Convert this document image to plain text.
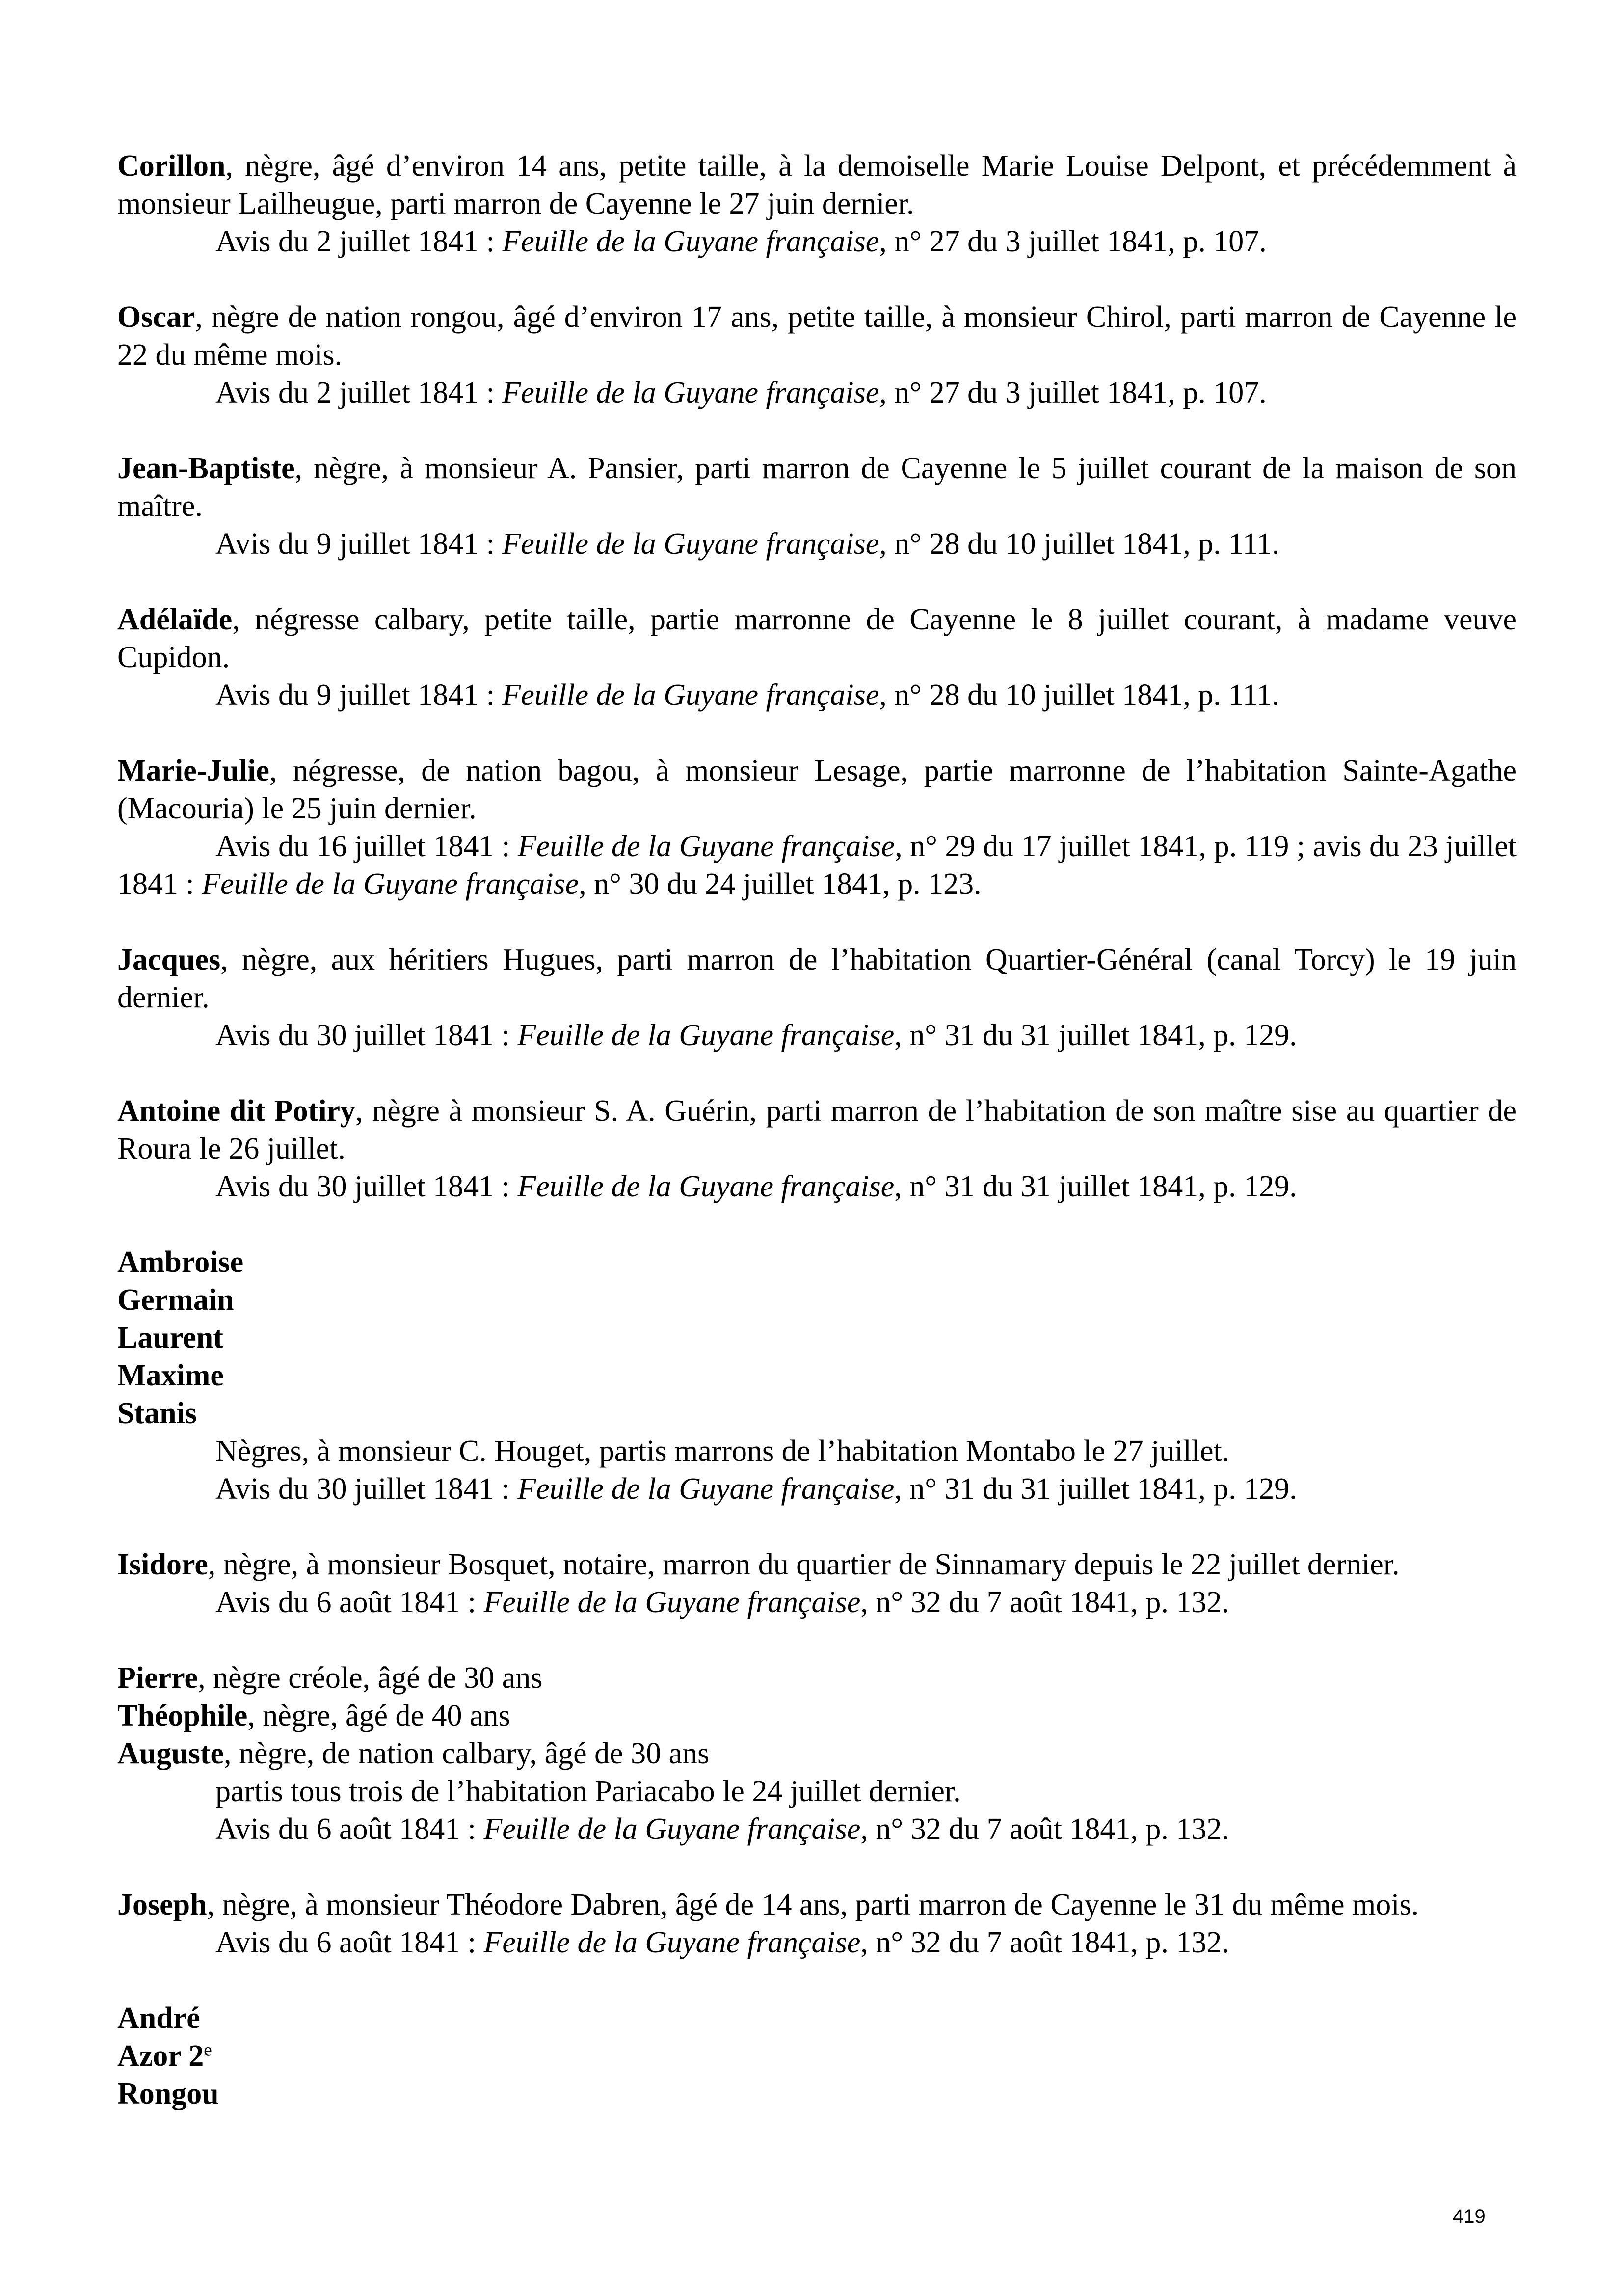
Corillon, nègre, âgé d’environ 14 ans, petite taille, à la demoiselle Marie Louise Delpont, et précédemment à monsieur Lailheugue, parti marron de Cayenne le 27 juin dernier.

Avis du 2 juillet 1841 : Feuille de la Guyane française, n° 27 du 3 juillet 1841, p. 107.

Oscar, nègre de nation rongou, âgé d’environ 17 ans, petite taille, à monsieur Chirol, parti marron de Cayenne le 22 du même mois.

Avis du 2 juillet 1841 : Feuille de la Guyane française, n° 27 du 3 juillet 1841, p. 107.

Jean-Baptiste, nègre, à monsieur A. Pansier, parti marron de Cayenne le 5 juillet courant de la maison de son maître.

Avis du 9 juillet 1841 : Feuille de la Guyane française, n° 28 du 10 juillet 1841, p. 111.

Adélaïde, négresse calbary, petite taille, partie marronne de Cayenne le 8 juillet courant, à madame veuve Cupidon.

Avis du 9 juillet 1841 : Feuille de la Guyane française, n° 28 du 10 juillet 1841, p. 111.

Marie-Julie, négresse, de nation bagou, à monsieur Lesage, partie marronne de l’habitation Sainte-Agathe (Macouria) le 25 juin dernier.

Avis du 16 juillet 1841 : Feuille de la Guyane française, n° 29 du 17 juillet 1841, p. 119 ; avis du 23 juillet 1841 : Feuille de la Guyane française, n° 30 du 24 juillet 1841, p. 123.

Jacques, nègre, aux héritiers Hugues, parti marron de l’habitation Quartier-Général (canal Torcy) le 19 juin dernier.

Avis du 30 juillet 1841 : Feuille de la Guyane française, n° 31 du 31 juillet 1841, p. 129.

Antoine dit Potiry, nègre à monsieur S. A. Guérin, parti marron de l’habitation de son maître sise au quartier de Roura le 26 juillet.

Avis du 30 juillet 1841 : Feuille de la Guyane française, n° 31 du 31 juillet 1841, p. 129.

Ambroise

Germain

Laurent

Maxime

Stanis

Nègres, à monsieur C. Houget, partis marrons de l’habitation Montabo le 27 juillet.

Avis du 30 juillet 1841 : Feuille de la Guyane française, n° 31 du 31 juillet 1841, p. 129.

Isidore, nègre, à monsieur Bosquet, notaire, marron du quartier de Sinnamary depuis le 22 juillet dernier.

Avis du 6 août 1841 : Feuille de la Guyane française, n° 32 du 7 août 1841, p. 132.

Pierre, nègre créole, âgé de 30 ans

Théophile, nègre, âgé de 40 ans

Auguste, nègre, de nation calbary, âgé de 30 ans

partis tous trois de l’habitation Pariacabo le 24 juillet dernier.

Avis du 6 août 1841 : Feuille de la Guyane française, n° 32 du 7 août 1841, p. 132.

Joseph, nègre, à monsieur Théodore Dabren, âgé de 14 ans, parti marron de Cayenne le 31 du même mois.

Avis du 6 août 1841 : Feuille de la Guyane française, n° 32 du 7 août 1841, p. 132.

André

Azor 2e

Rongou

419
